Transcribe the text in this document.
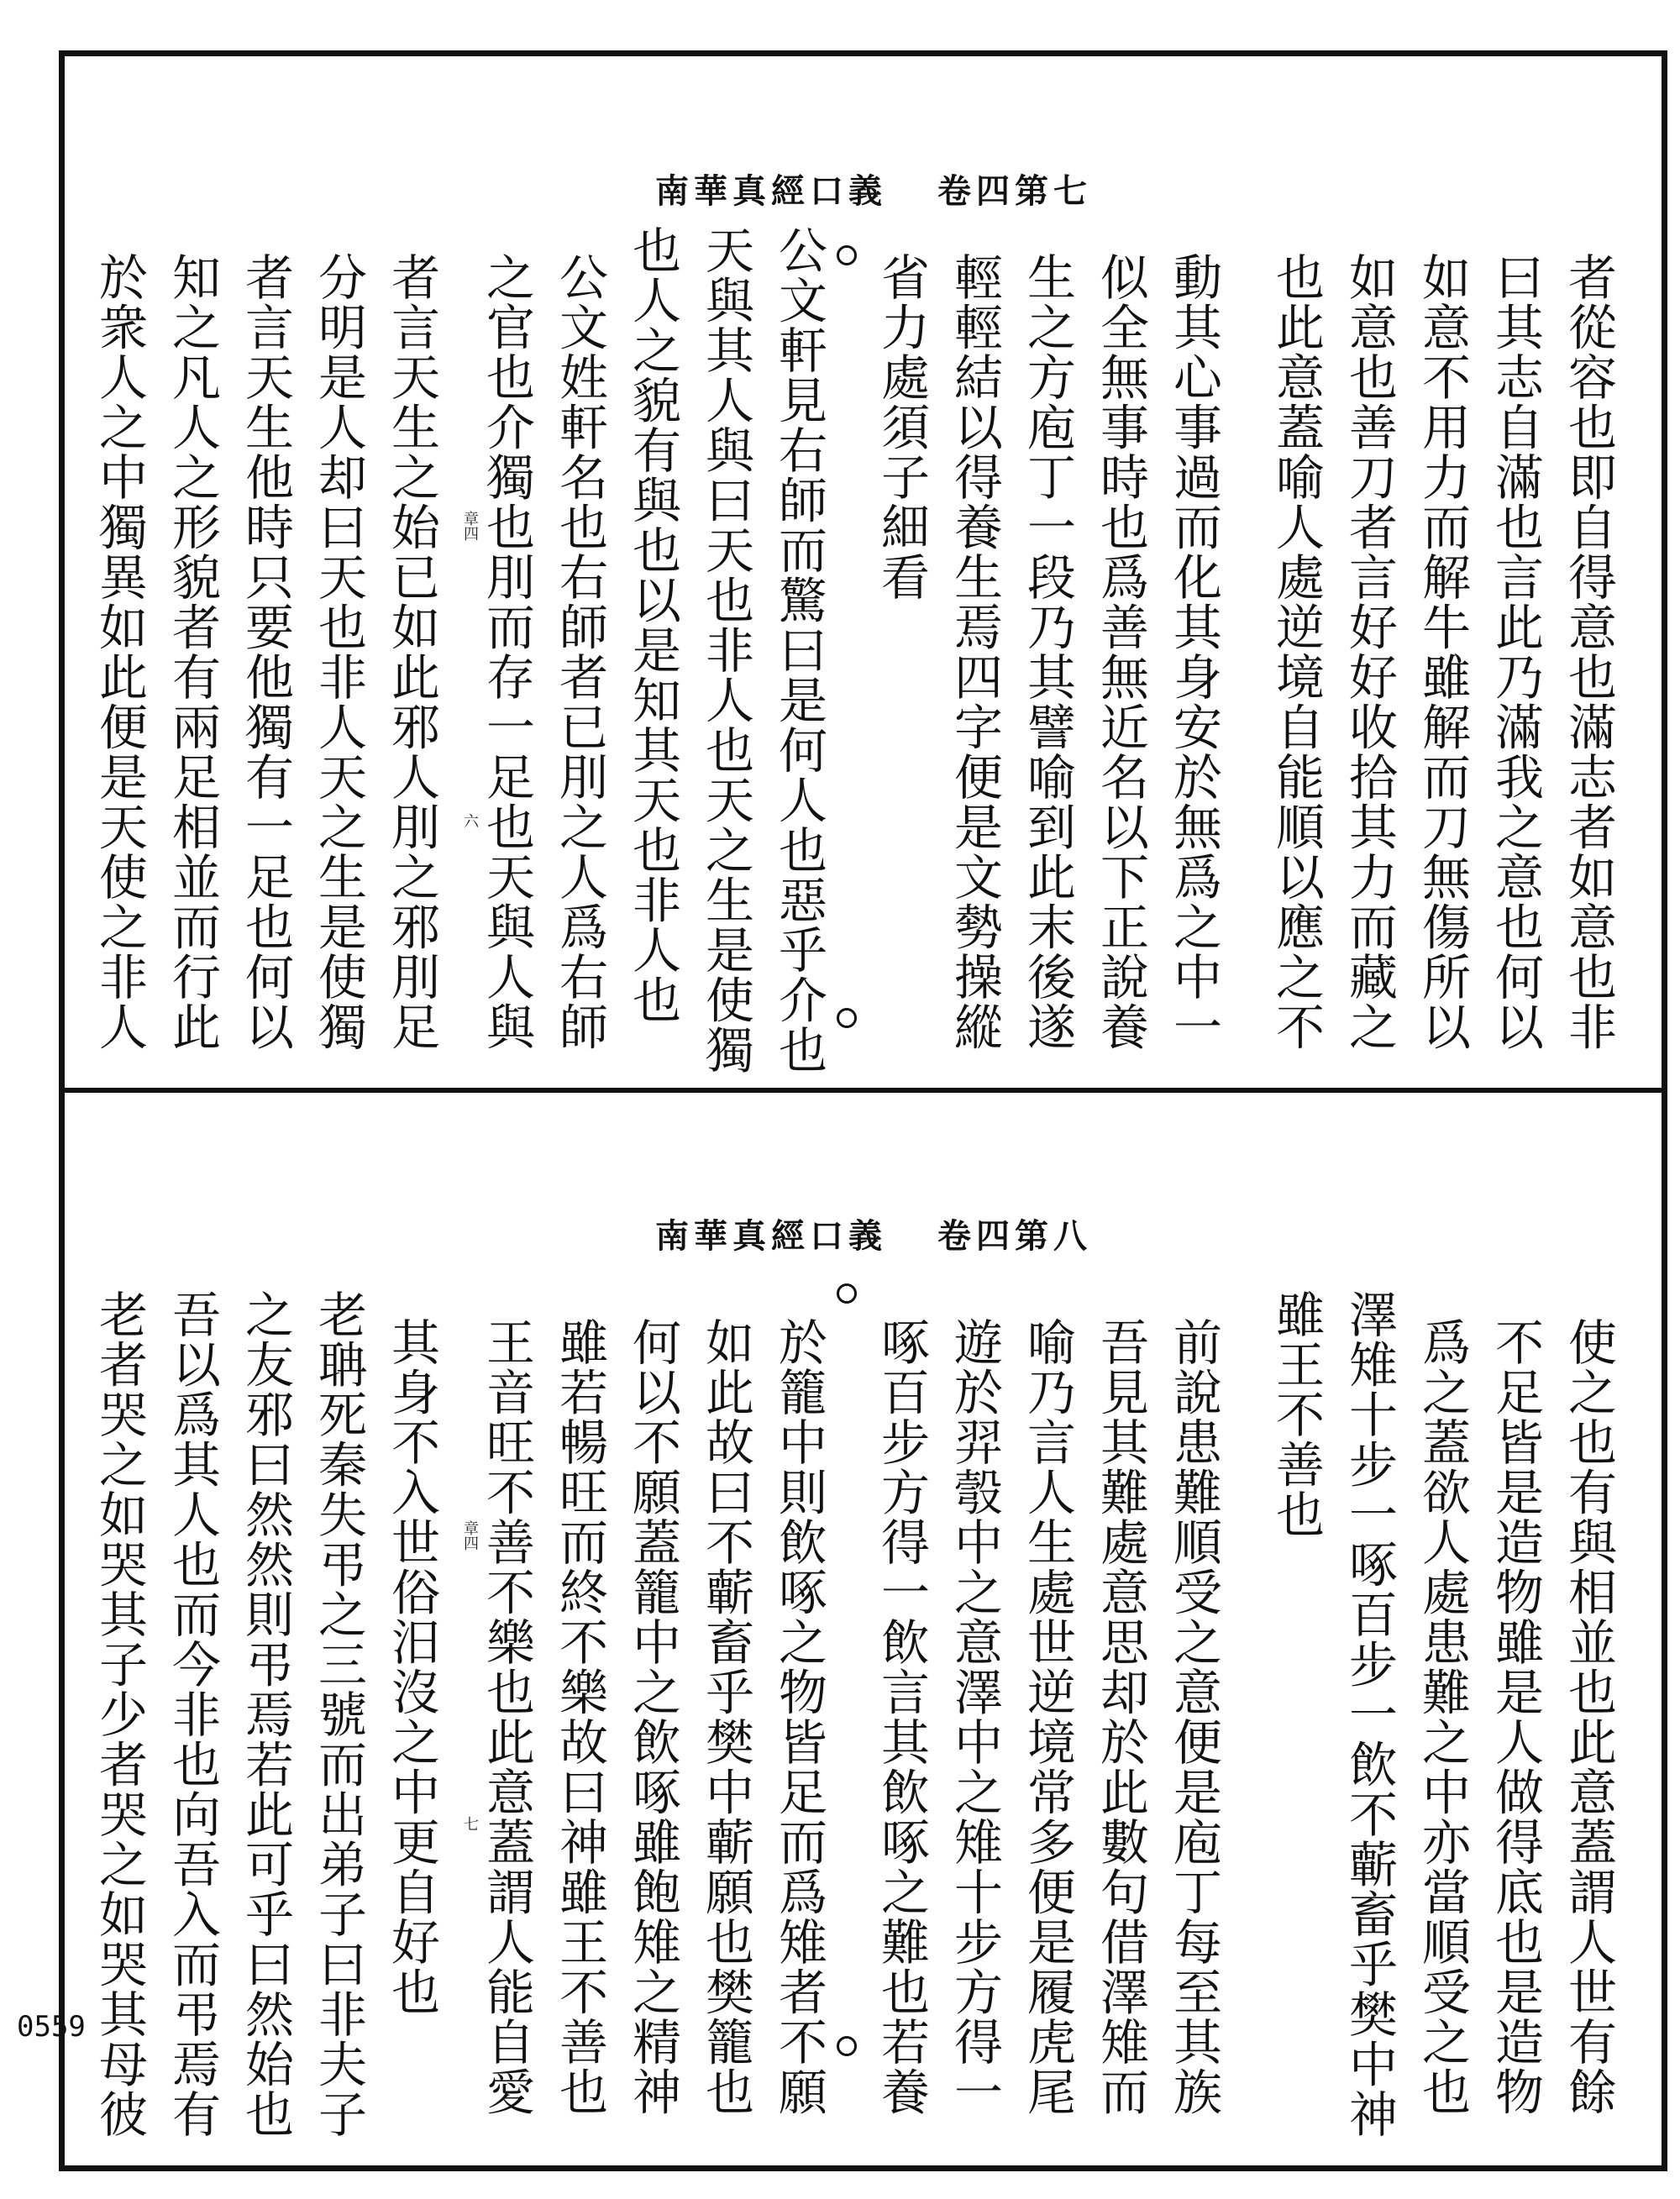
南華真經口義 卷四第七
南華真經口義 卷四第八
者從容也即自得意也滿志者如意也非
曰其志自滿也言此乃滿我之意也何以
如意不用力而解牛雖解而刀無傷所以
如意也善刀者言好好收拾其力而藏之
也此意蓋喻人處逆境自能順以應之不
動其心事過而化其身安於無爲之中一
似全無事時也爲善無近名以下正說養
生之方庖丁一段乃其譬喻到此末後遂
輕輕結以得養生焉四字便是文勢操縱
省力處須子細看
公文軒見右師而驚曰是何人也惡乎介也
天與其人與曰天也非人也天之生是使獨
也人之貌有與也以是知其天也非人也
公文姓軒名也右師者已刖之人爲右師
之官也介獨也刖而存一足也天與人與
者言天生之始已如此邪人刖之邪刖足
分明是人却曰天也非人天之生是使獨
者言天生他時只要他獨有一足也何以
知之凡人之形貌者有兩足相並而行此
於衆人之中獨異如此便是天使之非人	章四
六
使之也有與相並也此意蓋謂人世有餘
不足皆是造物雖是人做得底也是造物
爲之蓋欲人處患難之中亦當順受之也
澤雉十步一啄百步一飲不蘄畜乎樊中神
雖王不善也
前說患難順受之意便是庖丁每至其族
吾見其難處意思却於此數句借澤雉而
喻乃言人生處世逆境常多便是履虎尾
遊於羿彀中之意澤中之雉十步方得一
啄百步方得一飲言其飲啄之難也若養
於籠中則飲啄之物皆足而爲雉者不願
如此故曰不蘄畜乎樊中蘄願也樊籠也
何以不願蓋籠中之飲啄雖飽雉之精神
雖若暢旺而終不樂故曰神雖王不善也
王音旺不善不樂也此意蓋謂人能自愛
其身不入世俗汨沒之中更自好也
老聃死秦失弔之三號而出弟子曰非夫子
之友邪曰然然則弔焉若此可乎曰然始也
吾以爲其人也而今非也向吾入而弔焉有
老者哭之如哭其子少者哭之如哭其母彼	章四
七
0559
